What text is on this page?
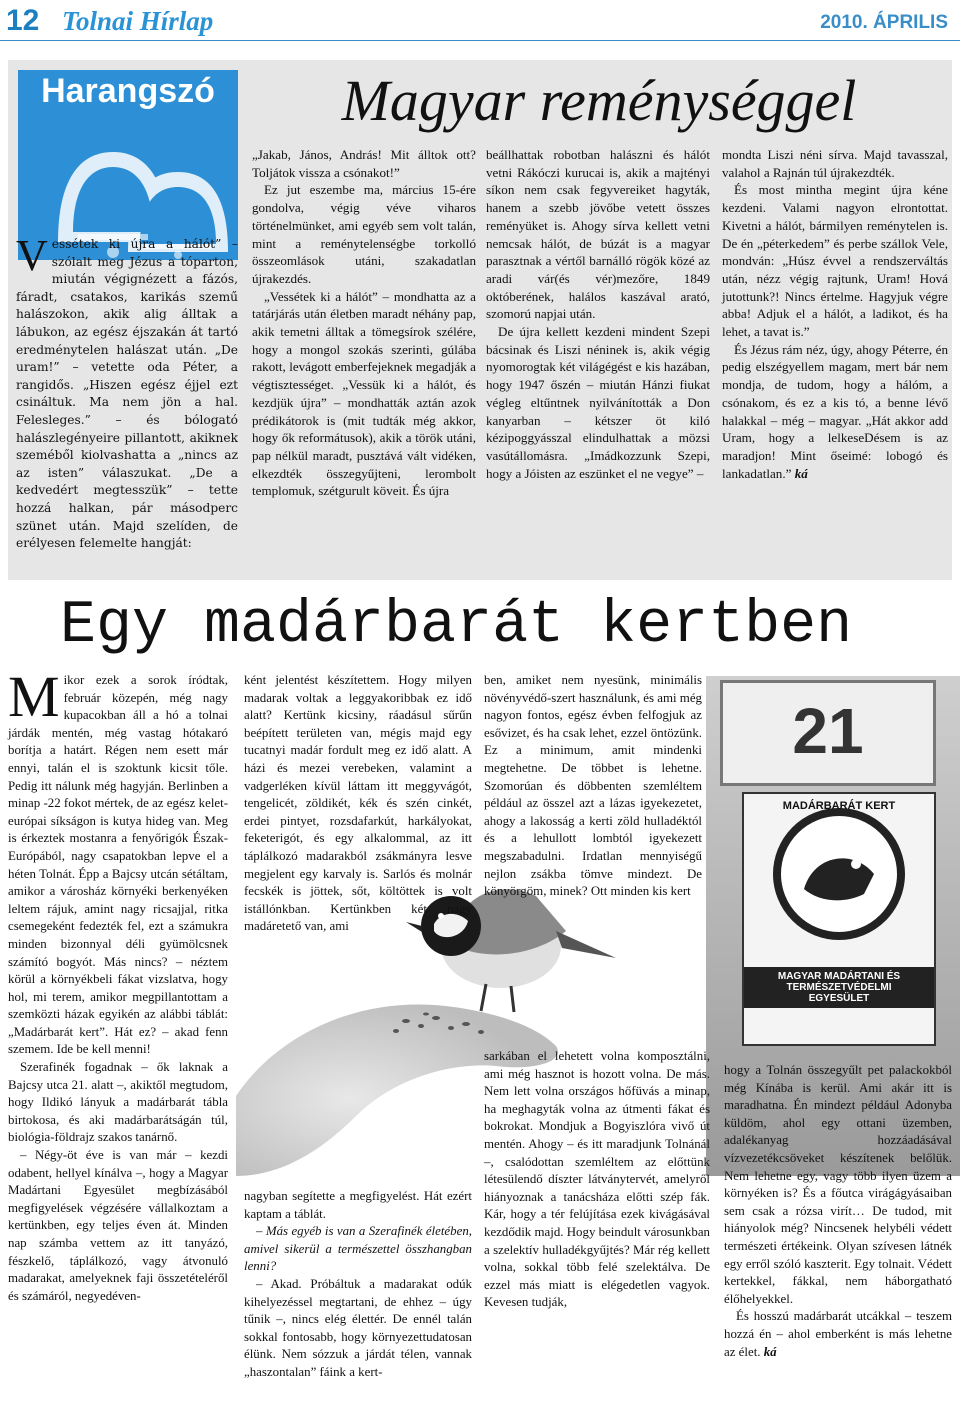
12 Tolnai Hírlap	2010. ÁPRILIS
Harangszó	Magyar reménységgel

Vessétek ki újra a hálót” – szólalt meg Jézus a tóparton, miután végignézett a fázós, fáradt, csatakos, karikás szemű halászokon, akik alig álltak a lábukon, az egész éjszakán át tartó eredménytelen halászat után. „De uram!” – vetette oda Péter, a rangidős. „Hiszen egész éjjel ezt csináltuk. Ma nem jön a hal. Felesleges.” – és bólogató halászlegényeire pillantott, akiknek szeméből kiolvashatta a „nincs az az isten” válaszukat. „De a kedvedért megtesszük” – tette hozzá halkan, pár másodperc szünet után. Majd szelíden, de erélyesen felemelte hangját:

„Jakab, János, András! Mit álltok ott? Toljátok vissza a csónakot!”

Ez jut eszembe ma, március 15-ére gondolva, végig véve viharos történelmünket, ami egyéb sem volt talán, mint a reménytelenségbe torkolló összeomlások utáni, szakadatlan újrakezdés.

„Vessétek ki a hálót” – mondhatta az a tatárjárás után életben maradt néhány pap, akik temetni álltak a tömegsírok szélére, hogy a mongol szokás szerinti, gúlába rakott, levágott emberfejeknek megadják a végtisztességet. „Vessük ki a hálót, és kezdjük újra” – mondhatták aztán azok prédikátorok is (mit tudták még akkor, hogy ők reformátusok), akik a török utáni, pap nélkül maradt, pusztává vált vidéken, elkezdték összegyűjteni, lerombolt templomuk, szétgurult köveit. És újra

beállhattak robotban halászni és hálót vetni Rákóczi kurucai is, akik a majtényi síkon nem csak fegyvereiket hagyták, hanem a szebb jövőbe vetett összes reményüket is. Ahogy sírva kellett vetni nemcsak hálót, de búzát is a magyar parasztnak a vértől barnálló rögök közé az aradi vár(és vér)mezőre, 1849 októberének, halálos kaszával arató, szomorú napjai után.

De újra kellett kezdeni mindent Szepi bácsinak és Liszi néninek is, akik végig nyomorogtak két világégést e kis hazában, hogy 1947 őszén – miután Hánzi fiukat végleg eltűntnek nyilvánították a Don kanyarban – kétszer öt kiló kézipoggyásszal elindulhattak a mözsi vasútállomásra. „Imádkozzunk Szepi, hogy a Jóisten az eszünket el ne vegye” –

mondta Liszi néni sírva. Majd tavasszal, valahol a Rajnán túl újrakezdték.

És most mintha megint újra kéne kezdeni. Valami nagyon elrontottat. Kivetni a hálót, bármilyen reménytelen is. De én „péterkedem” és perbe szállok Vele, mondván: „Húsz évvel a rendszerváltás után, nézz végig rajtunk, Uram! Hová jutottunk?! Nincs értelme. Hagyjuk végre abba! Adjuk el a hálót, a ladikot, és ha lehet, a tavat is.”

És Jézus rám néz, úgy, ahogy Péterre, én pedig elszégyellem magam, mert bár nem mondja, de tudom, hogy a hálóm, a csónakom, és ez a kis tó, a benne lévő halakkal – még – magyar. „Hát akkor add Uram, hogy a lelkeseDésem is az maradjon! Mint őseimé: lobogó és lankadatlan.” ká

Egy madárbarát kertben
21
MADÁRBARÁT KERT
MAGYAR MADÁRTANI ÉS
TERMÉSZETVÉDELMI
EGYESÜLET

Mikor ezek a sorok íródtak, február közepén, még nagy kupacokban áll a hó a tolnai járdák mentén, még vastag hótakaró borítja a határt. Régen nem esett már ennyi, talán el is szoktunk kicsit tőle. Pedig itt nálunk még hagyján. Berlinben a minap -22 fokot mértek, de az egész kelet-európai síkságon is kutya hideg van. Meg is érkeztek mostanra a fenyőrigók Észak-Európából, nagy csapatokban lepve el a héten Tolnát. Épp a Bajcsy utcán sétáltam, amikor a városház környéki berkenyéken leltem rájuk, amint nagy ricsajjal, ritka csemegeként fedezték fel, ezt a számukra minden bizonnyal déli gyümölcsnek számító bogyót. Más nincs? – néztem körül a környékbeli fákat vizslatva, hogy hol, mi terem, amikor megpillantottam a szemközti házak egyikén az alábbi táblát: „Madárbarát kert”. Hát ez? – akad fenn szemem. Ide be kell menni!

Szerafinék fogadnak – ők laknak a Bajcsy utca 21. alatt –, akiktől megtudom, hogy Ildikó lányuk a madárbarát tábla birtokosa, és aki madárbarátságán túl, biológia-földrajz szakos tanárnő.

– Négy-öt éve is van már – kezdi odabent, hellyel kínálva –, hogy a Magyar Madártani Egyesület megbízásából megfigyelések végzésére vállalkoztam a kertünkben, egy teljes éven át. Minden nap számba vettem az itt tanyázó, fészkelő, táplálkozó, vagy átvonuló madarakat, amelyeknek faji összetételéről és számáról, negyedéven-

ként jelentést készítettem. Hogy milyen madarak voltak a leggyakoribbak ez idő alatt? Kertünk kicsiny, ráadásul sűrűn beépített területen van, mégis majd egy tucatnyi madár fordult meg ez idő alatt. A házi és mezei verebeken, valamint a vadgerléken kívül láttam itt meggyvágót, tengelicét, zöldikét, kék és szén cinkét, erdei pintyet, rozsdafarkút, harkályokat, feketerigót, és egy alkalommal, az itt táplálkozó madarakból zsákmányra lesve megjelent egy karvaly is. Sarlós és molnár fecskék is jöttek, sőt, költöttek is volt istállónkban. Kertünkben két nagy madáretető van, ami

ben, amiket nem nyesünk, minimális növényvédő-szert használunk, és ami még nagyon fontos, egész évben felfogjuk az esővizet, és ha csak lehet, ezzel öntözünk. Ez a minimum, amit mindenki megtehetne. De többet is lehetne. Szomorúan és döbbenten szemléltem például az összel azt a lázas igyekezetet, ahogy a lakosság a kerti zöld hulladéktól és a lehullott lombtól igyekezett megszabadulni. Irdatlan mennyiségű nejlon zsákba tömve mindezt. De könyörgöm, minek? Ott minden kis kert

sarkában el lehetett volna komposztálni, ami még hasznot is hozott volna. De más. Nem lett volna országos hőfüvás a minap, ha meghagyták volna az útmenti fákat és bokrokat. Mondjuk a Bogyiszlóra vivő út mentén. Ahogy – és itt maradjunk Tolnánál –, csalódottan szemléltem az előttünk létesülendő díszter látványtervét, amelyről hiányoznak a tanácsháza előtti szép fák. Kár, hogy a tér felújítása ezek kivágásával kezdődik majd. Hogy beindult városunkban a szelektív hulladékgyűjtés? Már rég kellett volna, sokkal több felé szelektálva. De ezzel más miatt is elégedetlen vagyok. Kevesen tudják,

nagyban segítette a megfigyelést. Hát ezért kaptam a táblát.

– Más egyéb is van a Szerafinék életében, amivel sikerül a természettel összhangban lenni?

– Akad. Próbáltuk a madarakat odúk kihelyezéssel megtartani, de ehhez – úgy tűnik –, nincs elég élettér. De ennél talán sokkal fontosabb, hogy környezettudatosan élünk. Nem sózzuk a járdát télen, vannak „haszontalan” fáink a kert-

hogy a Tolnán összegyűlt pet palackokból még Kínába is kerül. Ami akár itt is maradhatna. Én mindezt például Adonyba küldöm, ahol egy ottani üzemben, adalékanyag hozzáadásával vízvezetékcsöveket készítenek belőlük. Nem lehetne egy, vagy több ilyen üzem a környéken is? És a főutca virágágyásaiban sem csak a rózsa virít… De tudod, mit hiányolok még? Nincsenek helybéli védett természeti értékeink. Olyan szívesen látnék egy erről szóló kaszterit. Egy tolnait. Védett kertekkel, fákkal, nem háborgatható élőhelyekkel.

És hosszú madárbarát utcákkal – teszem hozzá én – ahol emberként is más lehetne az élet. ká
